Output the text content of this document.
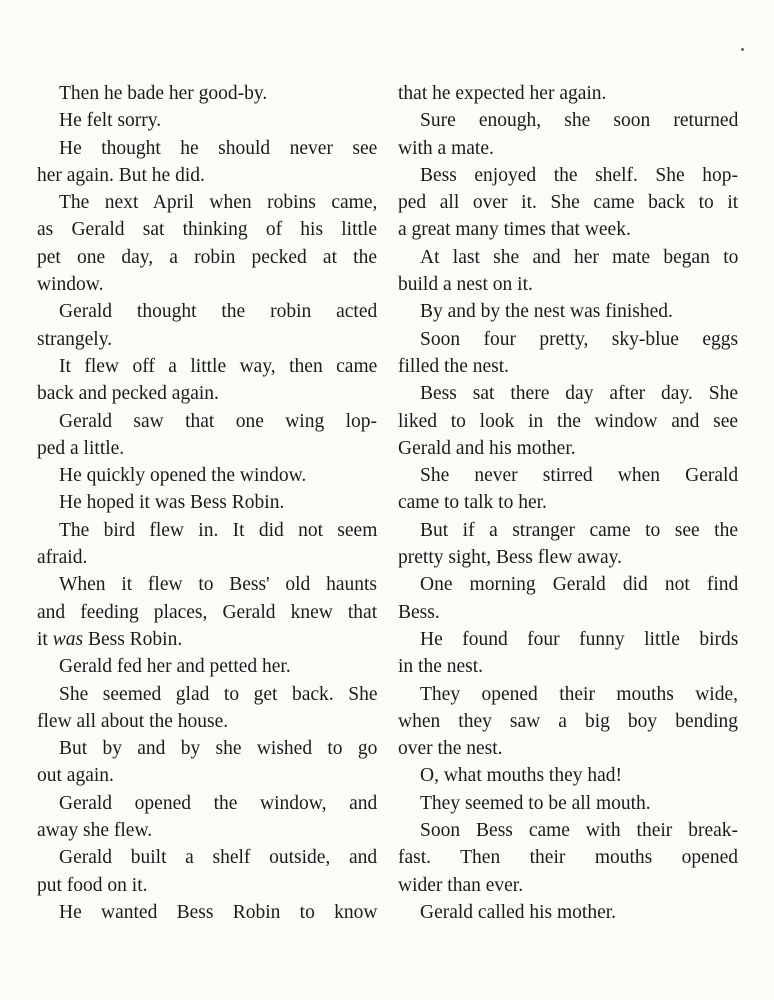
Then he bade her good-by.
He felt sorry.
He thought he should never see
her again. But he did.
The next April when robins came,
as Gerald sat thinking of his little
pet one day, a robin pecked at the
window.
Gerald thought the robin acted
strangely.
It flew off a little way, then came
back and pecked again.
Gerald saw that one wing lop-
ped a little.
He quickly opened the window.
He hoped it was Bess Robin.
The bird flew in. It did not seem
afraid.
When it flew to Bess' old haunts
and feeding places, Gerald knew that
it was Bess Robin.
Gerald fed her and petted her.
She seemed glad to get back. She
flew all about the house.
But by and by she wished to go
out again.
Gerald opened the window, and
away she flew.
Gerald built a shelf outside, and
put food on it.
He wanted Bess Robin to know
that he expected her again.
Sure enough, she soon returned
with a mate.
Bess enjoyed the shelf. She hop-
ped all over it. She came back to it
a great many times that week.
At last she and her mate began to
build a nest on it.
By and by the nest was finished.
Soon four pretty, sky-blue eggs
filled the nest.
Bess sat there day after day. She
liked to look in the window and see
Gerald and his mother.
She never stirred when Gerald
came to talk to her.
But if a stranger came to see the
pretty sight, Bess flew away.
One morning Gerald did not find
Bess.
He found four funny little birds
in the nest.
They opened their mouths wide,
when they saw a big boy bending
over the nest.
O, what mouths they had!
They seemed to be all mouth.
Soon Bess came with their break-
fast. Then their mouths opened
wider than ever.
Gerald called his mother.
